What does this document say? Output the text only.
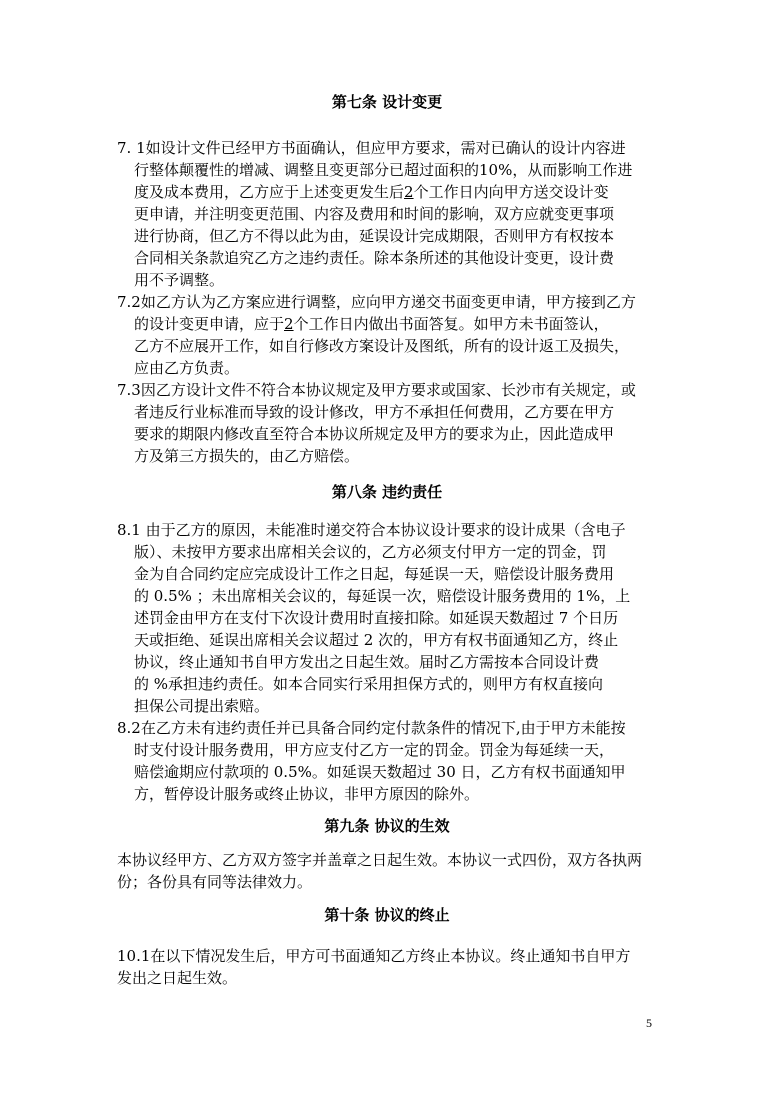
第七条 设计变更
7. 1如设计文件已经甲方书面确认，但应甲方要求，需对已确认的设计内容进
行整体颠覆性的增减、调整且变更部分已超过面积的10%，从而影响工作进
度及成本费用，乙方应于上述变更发生后2个工作日内向甲方送交设计变
更申请，并注明变更范围、内容及费用和时间的影响，双方应就变更事项
进行协商，但乙方不得以此为由，延误设计完成期限，否则甲方有权按本
合同相关条款追究乙方之违约责任。除本条所述的其他设计变更，设计费
用不予调整。
7.2如乙方认为乙方案应进行调整，应向甲方递交书面变更申请，甲方接到乙方
的设计变更申请，应于2个工作日内做出书面答复。如甲方未书面签认，
乙方不应展开工作，如自行修改方案设计及图纸，所有的设计返工及损失，
应由乙方负责。
7.3因乙方设计文件不符合本协议规定及甲方要求或国家、长沙市有关规定，或
者违反行业标准而导致的设计修改，甲方不承担任何费用，乙方要在甲方
要求的期限内修改直至符合本协议所规定及甲方的要求为止，因此造成甲
方及第三方损失的，由乙方赔偿。
第八条 违约责任
8.1 由于乙方的原因，未能准时递交符合本协议设计要求的设计成果（含电子
版）、未按甲方要求出席相关会议的，乙方必须支付甲方一定的罚金，罚
金为自合同约定应完成设计工作之日起，每延误一天，赔偿设计服务费用
的 0.5% ；未出席相关会议的，每延误一次，赔偿设计服务费用的 1%，上
述罚金由甲方在支付下次设计费用时直接扣除。如延误天数超过 7 个日历
天或拒绝、延误出席相关会议超过 2 次的，甲方有权书面通知乙方，终止
协议，终止通知书自甲方发出之日起生效。届时乙方需按本合同设计费
的 %承担违约责任。如本合同实行采用担保方式的，则甲方有权直接向
担保公司提出索赔。
8.2在乙方未有违约责任并已具备合同约定付款条件的情况下,由于甲方未能按
时支付设计服务费用，甲方应支付乙方一定的罚金。罚金为每延续一天，
赔偿逾期应付款项的 0.5%。如延误天数超过 30 日，乙方有权书面通知甲
方，暂停设计服务或终止协议，非甲方原因的除外。
第九条 协议的生效
本协议经甲方、乙方双方签字并盖章之日起生效。本协议一式四份，双方各执两
份；各份具有同等法律效力。
第十条 协议的终止
10.1在以下情况发生后，甲方可书面通知乙方终止本协议。终止通知书自甲方
发出之日起生效。
5
